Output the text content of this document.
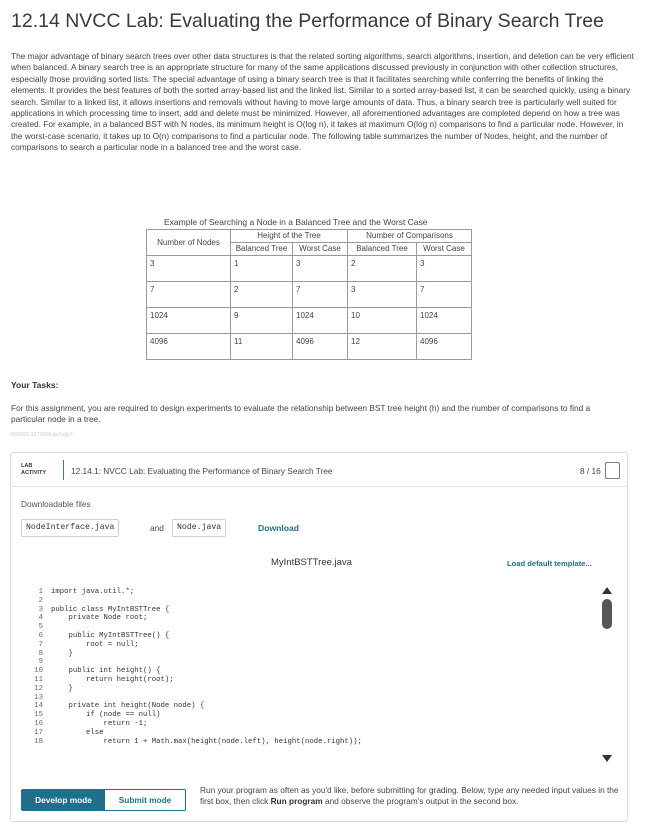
12.14 NVCC Lab: Evaluating the Performance of Binary Search Tree

The major advantage of binary search trees over other data structures is that the related sorting algorithms, search algorithms, insertion, and deletion can be very efficient when balanced. A binary search tree is an appropriate structure for many of the same applications discussed previously in conjunction with other collection structures, especially those providing sorted lists. The special advantage of using a binary search tree is that it facilitates searching while conferring the benefits of linking the elements. It provides the best features of both the sorted array-based list and the linked list. Similar to a sorted array-based list, it can be searched quickly, using a binary search. Similar to a linked list, it allows insertions and removals without having to move large amounts of data. Thus, a binary search tree is particularly well suited for applications in which processing time to insert, add and delete must be minimized. However, all aforementioned advantages are completed depend on how a tree was created. For example, in a balanced BST with N nodes, its minimum height is O(log n), it takes at maximum O(log n) comparisons to find a particular node. However, in the worst-case scenario, it takes up to O(n) comparisons to find a particular node. The following table summarizes the number of Nodes, height, and the number of comparisons to search a particular node in a balanced tree and the worst case.

Example of Searching a Node in a Balanced Tree and the Worst Case
Number of Nodes	Height of the Tree		Number of Comparisons	
	Balanced Tree	Worst Case	Balanced Tree	Worst Case
3	1	3	2	3
7	2	7	3	7
1024	9	1024	10	1024
4096	11	4096	12	4096
Your Tasks:

For this assignment, you are required to design experiments to evaluate the relationship between BST tree height (h) and the number of comparisons to find a particular node in a tree.

582490.3277906.qx3zqy7
LAB
ACTIVITY	12.14.1: NVCC Lab: Evaluating the Performance of Binary Search Tree	8 / 16
Downloadable files
NodeInterface.java	and	Node.java	Download
MyIntBSTTree.java	Load default template...
1
2
3
4
5
6
7
8
9
10
11
12
13
14
15
16
17
18
import java.util.*;

public class MyIntBSTTree {
private Node root;

public MyIntBSTTree() {
root = null;
}

public int height() {
return height(root);
}

private int height(Node node) {
if (node == null)
return -1;
else
return 1 + Math.max(height(node.left), height(node.right));
Develop mode	Submit mode

Run your program as often as you'd like, before submitting for grading. Below, type any needed input values in the first box, then click Run program and observe the program's output in the second box.
